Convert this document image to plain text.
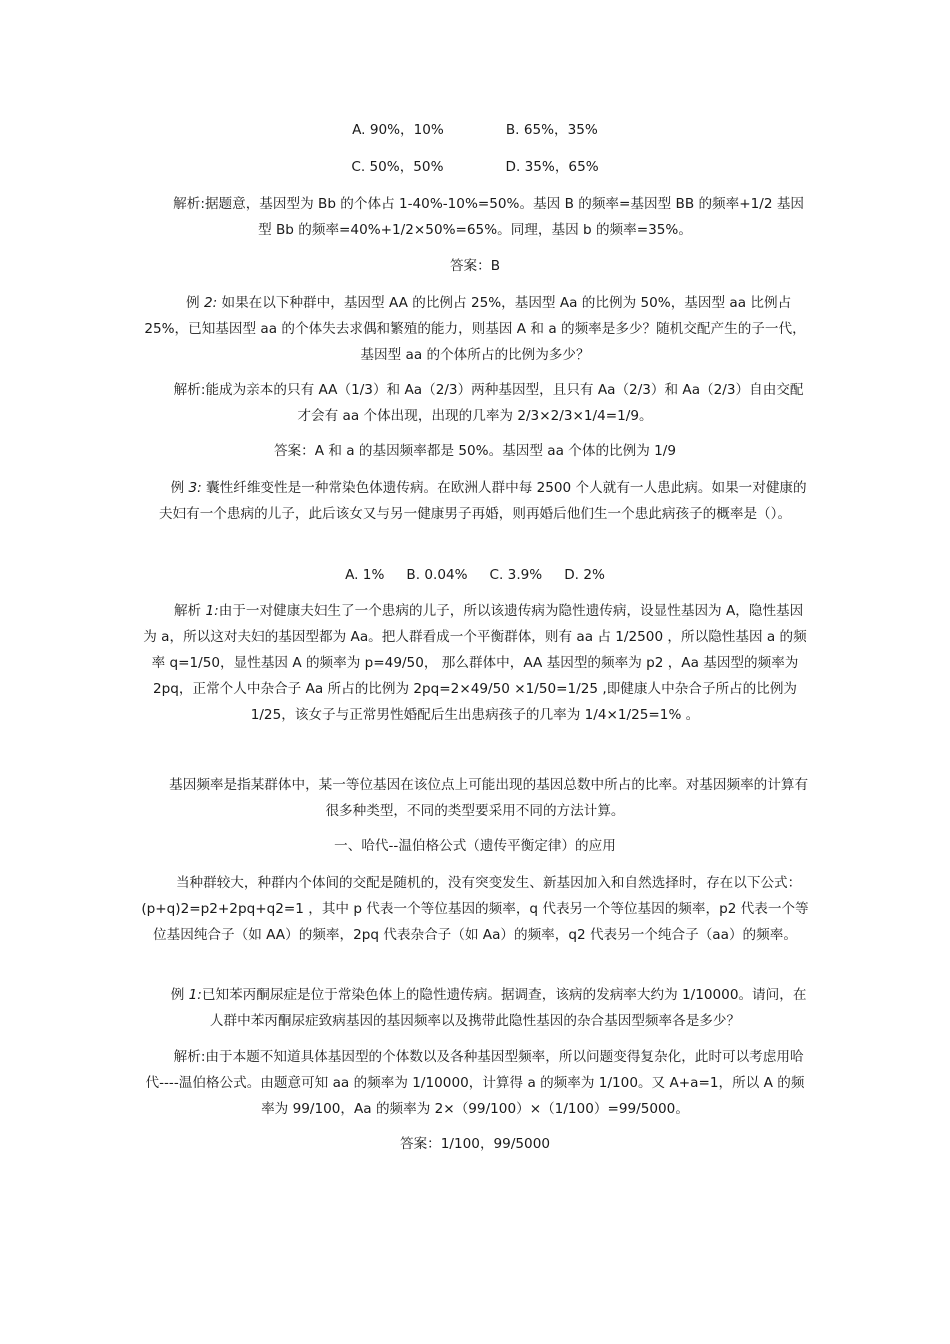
A. 90%，10%	B. 65%，35%
C. 50%，50%	D. 35%，65%
解析:据题意，基因型为 Bb 的个体占 1-40%-10%=50%。基因 B 的频率=基因型 BB 的频率+1/2 基因型 Bb 的频率=40%+1/2×50%=65%。同理，基因 b 的频率=35%。
答案：B
例 2: 如果在以下种群中，基因型 AA 的比例占 25%，基因型 Aa 的比例为 50%，基因型 aa 比例占 25%，已知基因型 aa 的个体失去求偶和繁殖的能力，则基因 A 和 a 的频率是多少？随机交配产生的子一代，基因型 aa 的个体所占的比例为多少？
解析:能成为亲本的只有 AA（1/3）和 Aa（2/3）两种基因型，且只有 Aa（2/3）和 Aa（2/3）自由交配才会有 aa 个体出现，出现的几率为 2/3×2/3×1/4=1/9。
答案：A 和 a 的基因频率都是 50%。基因型 aa 个体的比例为 1/9
例 3: 囊性纤维变性是一种常染色体遗传病。在欧洲人群中每 2500 个人就有一人患此病。如果一对健康的夫妇有一个患病的儿子，此后该女又与另一健康男子再婚，则再婚后他们生一个患此病孩子的概率是（）。
A. 1% B. 0.04% C. 3.9% D. 2%
解析 1:由于一对健康夫妇生了一个患病的儿子，所以该遗传病为隐性遗传病，设显性基因为 A，隐性基因为 a，所以这对夫妇的基因型都为 Aa。把人群看成一个平衡群体，则有 aa 占 1/2500 ，所以隐性基因 a 的频率 q=1/50，显性基因 A 的频率为 p=49/50， 那么群体中，AA 基因型的频率为 p2 ，Aa 基因型的频率为 2pq，正常个人中杂合子 Aa 所占的比例为 2pq=2×49/50 ×1/50=1/25 ,即健康人中杂合子所占的比例为 1/25，该女子与正常男性婚配后生出患病孩子的几率为 1/4×1/25=1% 。
基因频率是指某群体中，某一等位基因在该位点上可能出现的基因总数中所占的比率。对基因频率的计算有很多种类型，不同的类型要采用不同的方法计算。
一、哈代--温伯格公式（遗传平衡定律）的应用
当种群较大，种群内个体间的交配是随机的，没有突变发生、新基因加入和自然选择时，存在以下公式：(p+q)2=p2+2pq+q2=1 ，其中 p 代表一个等位基因的频率，q 代表另一个等位基因的频率，p2 代表一个等位基因纯合子（如 AA）的频率，2pq 代表杂合子（如 Aa）的频率，q2 代表另一个纯合子（aa）的频率。
例 1:已知苯丙酮尿症是位于常染色体上的隐性遗传病。据调查，该病的发病率大约为 1/10000。请问，在人群中苯丙酮尿症致病基因的基因频率以及携带此隐性基因的杂合基因型频率各是多少？
解析:由于本题不知道具体基因型的个体数以及各种基因型频率，所以问题变得复杂化，此时可以考虑用哈代----温伯格公式。由题意可知 aa 的频率为 1/10000，计算得 a 的频率为 1/100。又 A+a=1，所以 A 的频率为 99/100，Aa 的频率为 2×（99/100）×（1/100）=99/5000。
答案：1/100，99/5000
